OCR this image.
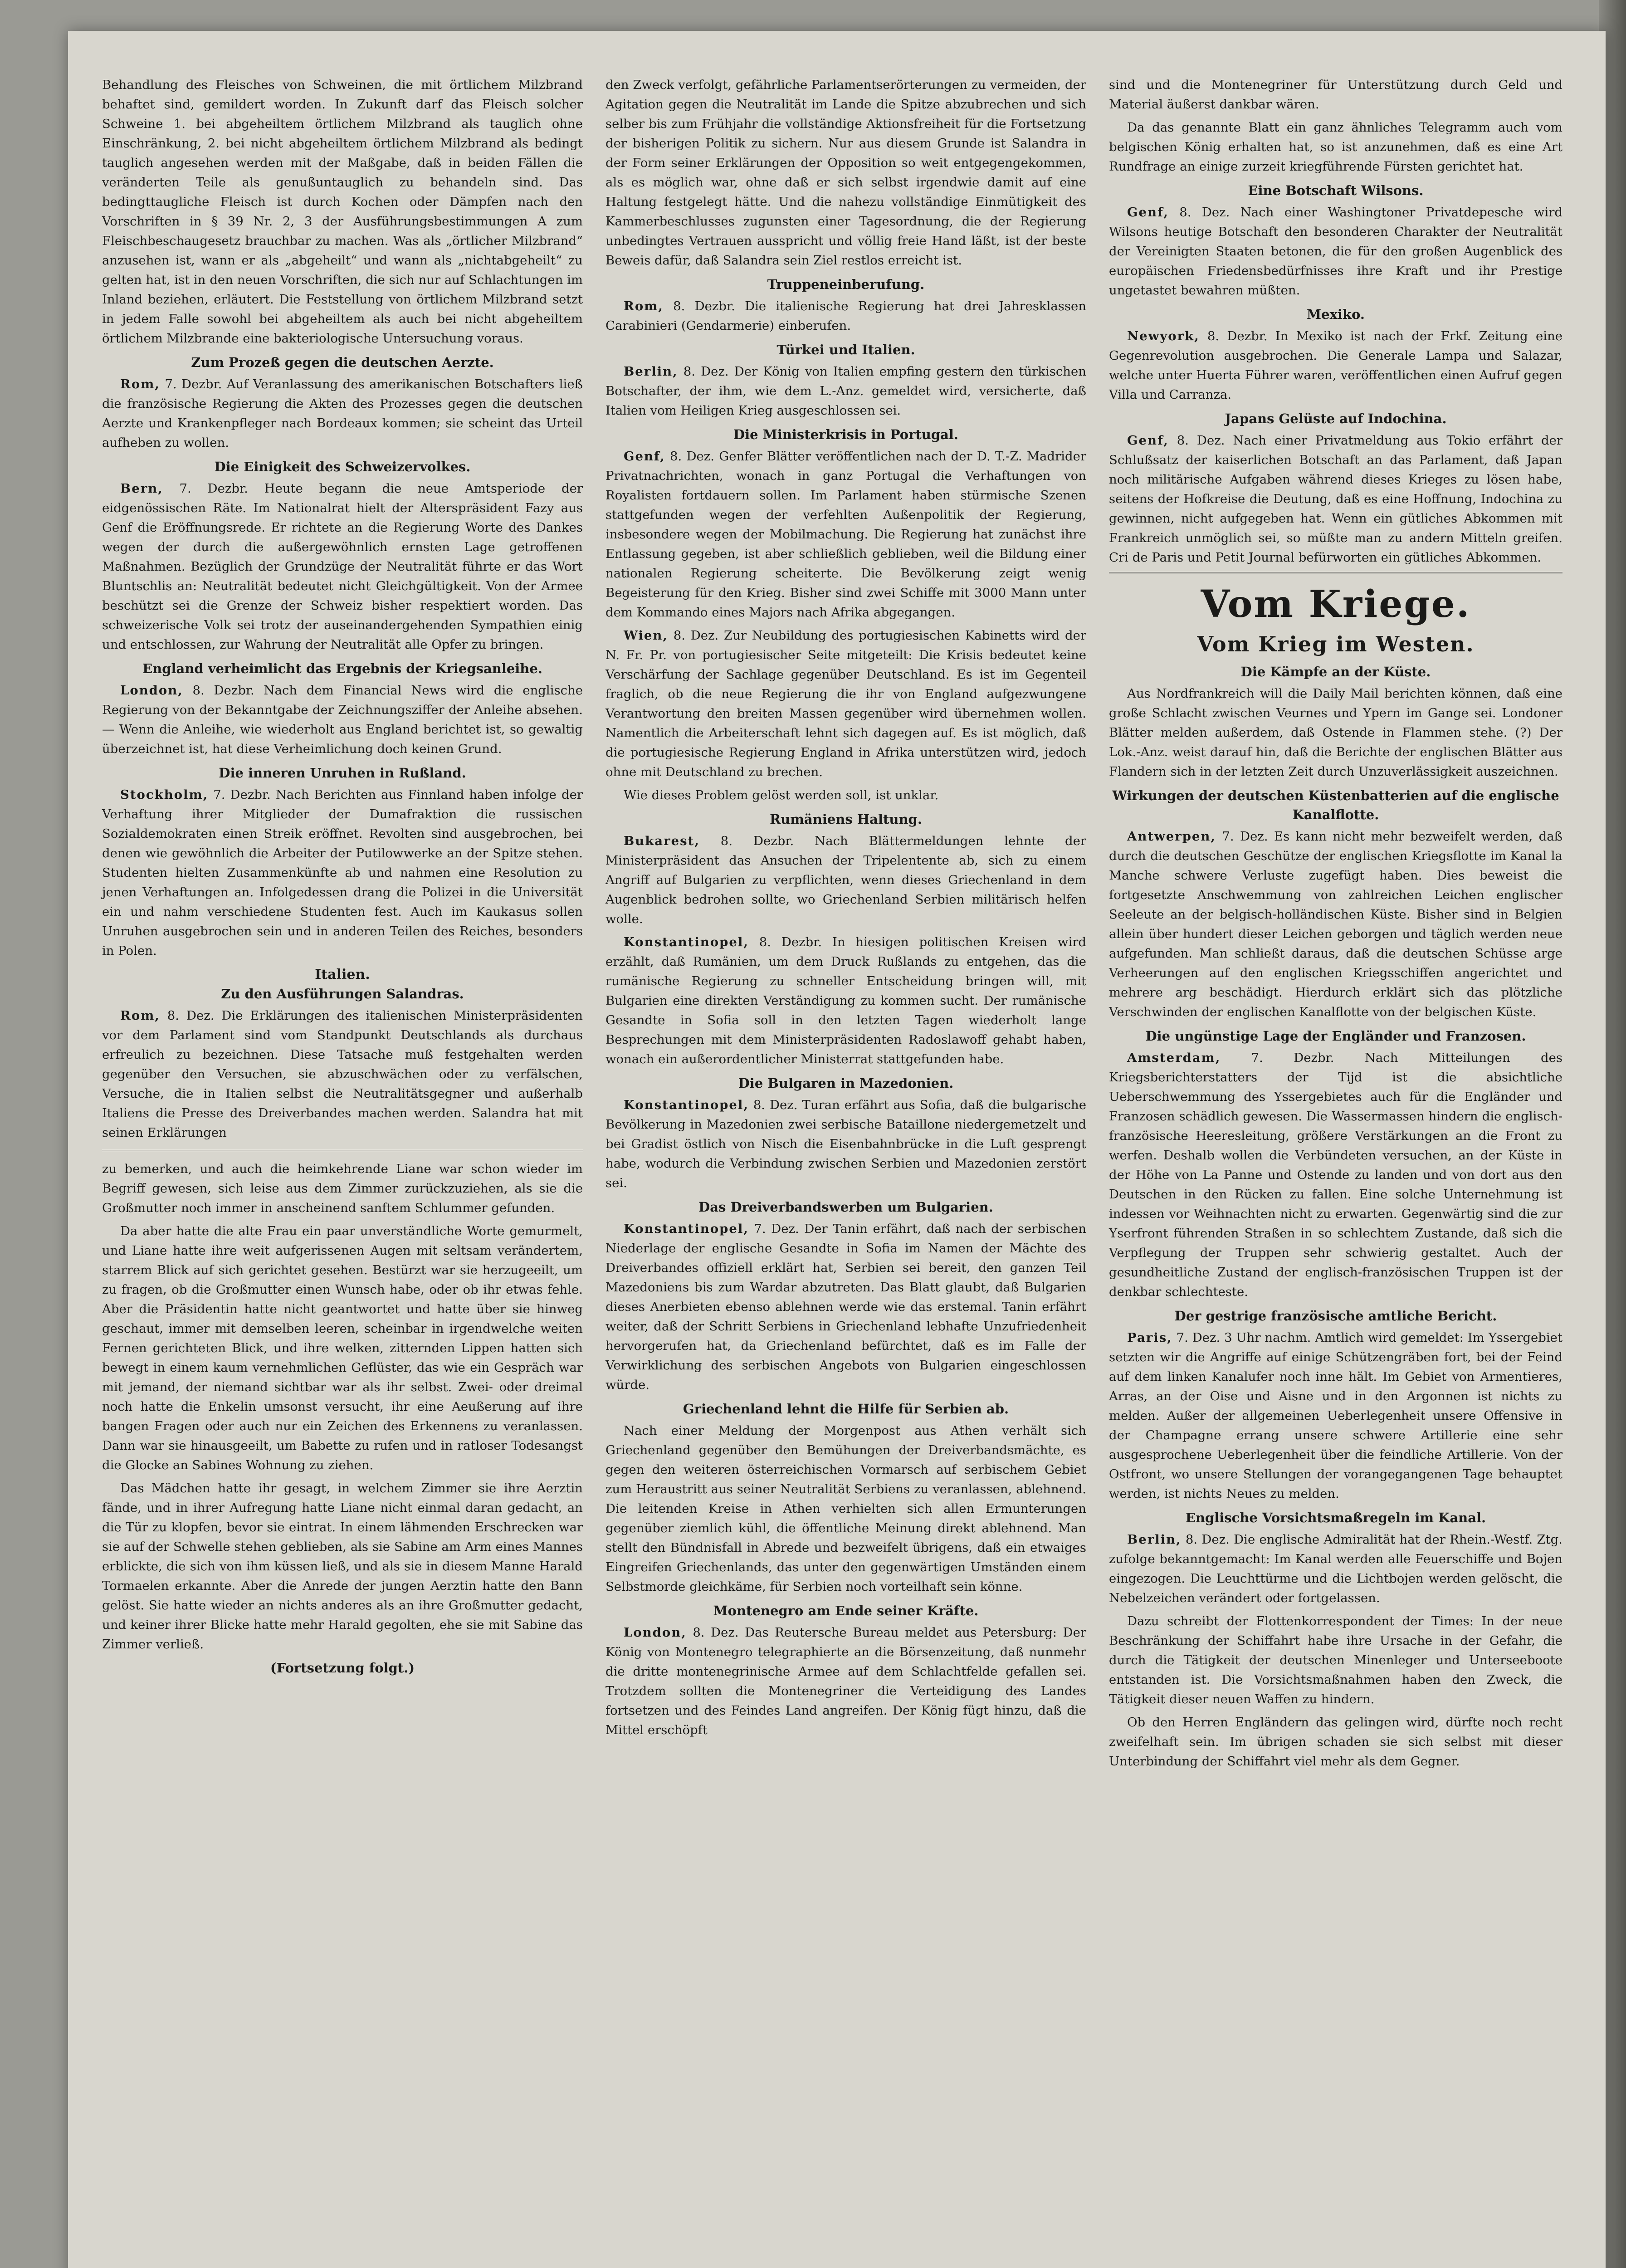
Behandlung des Fleisches von Schweinen, die mit örtlichem Milzbrand behaftet sind, gemildert worden. In Zukunft darf das Fleisch solcher Schweine 1. bei abgeheiltem örtlichem Milzbrand als tauglich ohne Einschränkung, 2. bei nicht abgeheiltem örtlichem Milzbrand als bedingt tauglich angesehen werden mit der Maßgabe, daß in beiden Fällen die veränderten Teile als genußuntauglich zu behandeln sind. Das bedingttaugliche Fleisch ist durch Kochen oder Dämpfen nach den Vorschriften in § 39 Nr. 2, 3 der Ausführungsbestimmungen A zum Fleischbeschaugesetz brauchbar zu machen. Was als „örtlicher Milzbrand“ anzusehen ist, wann er als „abgeheilt“ und wann als „nichtabgeheilt“ zu gelten hat, ist in den neuen Vorschriften, die sich nur auf Schlachtungen im Inland beziehen, erläutert. Die Feststellung von örtlichem Milzbrand setzt in jedem Falle sowohl bei abgeheiltem als auch bei nicht abgeheiltem örtlichem Milzbrande eine bakteriologische Untersuchung voraus.

Zum Prozeß gegen die deutschen Aerzte.

Rom, 7. Dezbr. Auf Veranlassung des amerikanischen Botschafters ließ die französische Regierung die Akten des Prozesses gegen die deutschen Aerzte und Krankenpfleger nach Bordeaux kommen; sie scheint das Urteil aufheben zu wollen.

Die Einigkeit des Schweizervolkes.

Bern, 7. Dezbr. Heute begann die neue Amtsperiode der eidgenössischen Räte. Im Nationalrat hielt der Alterspräsident Fazy aus Genf die Eröffnungsrede. Er richtete an die Regierung Worte des Dankes wegen der durch die außergewöhnlich ernsten Lage getroffenen Maßnahmen. Bezüglich der Grundzüge der Neutralität führte er das Wort Bluntschlis an: Neutralität bedeutet nicht Gleichgültigkeit. Von der Armee beschützt sei die Grenze der Schweiz bisher respektiert worden. Das schweizerische Volk sei trotz der auseinandergehenden Sympathien einig und entschlossen, zur Wahrung der Neutralität alle Opfer zu bringen.

England verheimlicht das Ergebnis der Kriegsanleihe.

London, 8. Dezbr. Nach dem Financial News wird die englische Regierung von der Bekanntgabe der Zeichnungsziffer der Anleihe absehen. — Wenn die Anleihe, wie wiederholt aus England berichtet ist, so gewaltig überzeichnet ist, hat diese Verheimlichung doch keinen Grund.

Die inneren Unruhen in Rußland.

Stockholm, 7. Dezbr. Nach Berichten aus Finnland haben infolge der Verhaftung ihrer Mitglieder der Dumafraktion die russischen Sozialdemokraten einen Streik eröffnet. Revolten sind ausgebrochen, bei denen wie gewöhnlich die Arbeiter der Putilowwerke an der Spitze stehen. Studenten hielten Zusammenkünfte ab und nahmen eine Resolution zu jenen Verhaftungen an. Infolgedessen drang die Polizei in die Universität ein und nahm verschiedene Studenten fest. Auch im Kaukasus sollen Unruhen ausgebrochen sein und in anderen Teilen des Reiches, besonders in Polen.

Italien.
Zu den Ausführungen Salandras.

Rom, 8. Dez. Die Erklärungen des italienischen Ministerpräsidenten vor dem Parlament sind vom Standpunkt Deutschlands als durchaus erfreulich zu bezeichnen. Diese Tatsache muß festgehalten werden gegenüber den Versuchen, sie abzuschwächen oder zu verfälschen, Versuche, die in Italien selbst die Neutralitätsgegner und außerhalb Italiens die Presse des Dreiverbandes machen werden. Salandra hat mit seinen Erklärungen

zu bemerken, und auch die heimkehrende Liane war schon wieder im Begriff gewesen, sich leise aus dem Zimmer zurückzuziehen, als sie die Großmutter noch immer in anscheinend sanftem Schlummer gefunden.

Da aber hatte die alte Frau ein paar unverständliche Worte gemurmelt, und Liane hatte ihre weit aufgerissenen Augen mit seltsam verändertem, starrem Blick auf sich gerichtet gesehen. Bestürzt war sie herzugeeilt, um zu fragen, ob die Großmutter einen Wunsch habe, oder ob ihr etwas fehle. Aber die Präsidentin hatte nicht geantwortet und hatte über sie hinweg geschaut, immer mit demselben leeren, scheinbar in irgendwelche weiten Fernen gerichteten Blick, und ihre welken, zitternden Lippen hatten sich bewegt in einem kaum vernehmlichen Geflüster, das wie ein Gespräch war mit jemand, der niemand sichtbar war als ihr selbst. Zwei- oder dreimal noch hatte die Enkelin umsonst versucht, ihr eine Aeußerung auf ihre bangen Fragen oder auch nur ein Zeichen des Erkennens zu veranlassen. Dann war sie hinausgeeilt, um Babette zu rufen und in ratloser Todesangst die Glocke an Sabines Wohnung zu ziehen.

Das Mädchen hatte ihr gesagt, in welchem Zimmer sie ihre Aerztin fände, und in ihrer Aufregung hatte Liane nicht einmal daran gedacht, an die Tür zu klopfen, bevor sie eintrat. In einem lähmenden Erschrecken war sie auf der Schwelle stehen geblieben, als sie Sabine am Arm eines Mannes erblickte, die sich von ihm küssen ließ, und als sie in diesem Manne Harald Tormaelen erkannte. Aber die Anrede der jungen Aerztin hatte den Bann gelöst. Sie hatte wieder an nichts anderes als an ihre Großmutter gedacht, und keiner ihrer Blicke hatte mehr Harald gegolten, ehe sie mit Sabine das Zimmer verließ.

(Fortsetzung folgt.)

den Zweck verfolgt, gefährliche Parlamentserörterungen zu vermeiden, der Agitation gegen die Neutralität im Lande die Spitze abzubrechen und sich selber bis zum Frühjahr die vollständige Aktionsfreiheit für die Fortsetzung der bisherigen Politik zu sichern. Nur aus diesem Grunde ist Salandra in der Form seiner Erklärungen der Opposition so weit entgegengekommen, als es möglich war, ohne daß er sich selbst irgendwie damit auf eine Haltung festgelegt hätte. Und die nahezu vollständige Einmütigkeit des Kammerbeschlusses zugunsten einer Tagesordnung, die der Regierung unbedingtes Vertrauen ausspricht und völlig freie Hand läßt, ist der beste Beweis dafür, daß Salandra sein Ziel restlos erreicht ist.

Truppeneinberufung.

Rom, 8. Dezbr. Die italienische Regierung hat drei Jahresklassen Carabinieri (Gendarmerie) einberufen.

Türkei und Italien.

Berlin, 8. Dez. Der König von Italien empfing gestern den türkischen Botschafter, der ihm, wie dem L.-Anz. gemeldet wird, versicherte, daß Italien vom Heiligen Krieg ausgeschlossen sei.

Die Ministerkrisis in Portugal.

Genf, 8. Dez. Genfer Blätter veröffentlichen nach der D. T.-Z. Madrider Privatnachrichten, wonach in ganz Portugal die Verhaftungen von Royalisten fortdauern sollen. Im Parlament haben stürmische Szenen stattgefunden wegen der verfehlten Außenpolitik der Regierung, insbesondere wegen der Mobilmachung. Die Regierung hat zunächst ihre Entlassung gegeben, ist aber schließlich geblieben, weil die Bildung einer nationalen Regierung scheiterte. Die Bevölkerung zeigt wenig Begeisterung für den Krieg. Bisher sind zwei Schiffe mit 3000 Mann unter dem Kommando eines Majors nach Afrika abgegangen.

Wien, 8. Dez. Zur Neubildung des portugiesischen Kabinetts wird der N. Fr. Pr. von portugiesischer Seite mitgeteilt: Die Krisis bedeutet keine Verschärfung der Sachlage gegenüber Deutschland. Es ist im Gegenteil fraglich, ob die neue Regierung die ihr von England aufgezwungene Verantwortung den breiten Massen gegenüber wird übernehmen wollen. Namentlich die Arbeiterschaft lehnt sich dagegen auf. Es ist möglich, daß die portugiesische Regierung England in Afrika unterstützen wird, jedoch ohne mit Deutschland zu brechen.

Wie dieses Problem gelöst werden soll, ist unklar.

Rumäniens Haltung.

Bukarest, 8. Dezbr. Nach Blättermeldungen lehnte der Ministerpräsident das Ansuchen der Tripelentente ab, sich zu einem Angriff auf Bulgarien zu verpflichten, wenn dieses Griechenland in dem Augenblick bedrohen sollte, wo Griechenland Serbien militärisch helfen wolle.

Konstantinopel, 8. Dezbr. In hiesigen politischen Kreisen wird erzählt, daß Rumänien, um dem Druck Rußlands zu entgehen, das die rumänische Regierung zu schneller Entscheidung bringen will, mit Bulgarien eine direkten Verständigung zu kommen sucht. Der rumänische Gesandte in Sofia soll in den letzten Tagen wiederholt lange Besprechungen mit dem Ministerpräsidenten Radoslawoff gehabt haben, wonach ein außerordentlicher Ministerrat stattgefunden habe.

Die Bulgaren in Mazedonien.

Konstantinopel, 8. Dez. Turan erfährt aus Sofia, daß die bulgarische Bevölkerung in Mazedonien zwei serbische Bataillone niedergemetzelt und bei Gradist östlich von Nisch die Eisenbahnbrücke in die Luft gesprengt habe, wodurch die Verbindung zwischen Serbien und Mazedonien zerstört sei.

Das Dreiverbandswerben um Bulgarien.

Konstantinopel, 7. Dez. Der Tanin erfährt, daß nach der serbischen Niederlage der englische Gesandte in Sofia im Namen der Mächte des Dreiverbandes offiziell erklärt hat, Serbien sei bereit, den ganzen Teil Mazedoniens bis zum Wardar abzutreten. Das Blatt glaubt, daß Bulgarien dieses Anerbieten ebenso ablehnen werde wie das erstemal. Tanin erfährt weiter, daß der Schritt Serbiens in Griechenland lebhafte Unzufriedenheit hervorgerufen hat, da Griechenland befürchtet, daß es im Falle der Verwirklichung des serbischen Angebots von Bulgarien eingeschlossen würde.

Griechenland lehnt die Hilfe für Serbien ab.

Nach einer Meldung der Morgenpost aus Athen verhält sich Griechenland gegenüber den Bemühungen der Dreiverbandsmächte, es gegen den weiteren österreichischen Vormarsch auf serbischem Gebiet zum Heraustritt aus seiner Neutralität Serbiens zu veranlassen, ablehnend. Die leitenden Kreise in Athen verhielten sich allen Ermunterungen gegenüber ziemlich kühl, die öffentliche Meinung direkt ablehnend. Man stellt den Bündnisfall in Abrede und bezweifelt übrigens, daß ein etwaiges Eingreifen Griechenlands, das unter den gegenwärtigen Umständen einem Selbstmorde gleichkäme, für Serbien noch vorteilhaft sein könne.

Montenegro am Ende seiner Kräfte.

London, 8. Dez. Das Reutersche Bureau meldet aus Petersburg: Der König von Montenegro telegraphierte an die Börsenzeitung, daß nunmehr die dritte montenegrinische Armee auf dem Schlachtfelde gefallen sei. Trotzdem sollten die Montenegriner die Verteidigung des Landes fortsetzen und des Feindes Land angreifen. Der König fügt hinzu, daß die Mittel erschöpft

sind und die Montenegriner für Unterstützung durch Geld und Material äußerst dankbar wären.

Da das genannte Blatt ein ganz ähnliches Telegramm auch vom belgischen König erhalten hat, so ist anzunehmen, daß es eine Art Rundfrage an einige zurzeit kriegführende Fürsten gerichtet hat.

Eine Botschaft Wilsons.

Genf, 8. Dez. Nach einer Washingtoner Privatdepesche wird Wilsons heutige Botschaft den besonderen Charakter der Neutralität der Vereinigten Staaten betonen, die für den großen Augenblick des europäischen Friedensbedürfnisses ihre Kraft und ihr Prestige ungetastet bewahren müßten.

Mexiko.

Newyork, 8. Dezbr. In Mexiko ist nach der Frkf. Zeitung eine Gegenrevolution ausgebrochen. Die Generale Lampa und Salazar, welche unter Huerta Führer waren, veröffentlichen einen Aufruf gegen Villa und Carranza.

Japans Gelüste auf Indochina.

Genf, 8. Dez. Nach einer Privatmeldung aus Tokio erfährt der Schlußsatz der kaiserlichen Botschaft an das Parlament, daß Japan noch militärische Aufgaben während dieses Krieges zu lösen habe, seitens der Hofkreise die Deutung, daß es eine Hoffnung, Indochina zu gewinnen, nicht aufgegeben hat. Wenn ein gütliches Abkommen mit Frankreich unmöglich sei, so müßte man zu andern Mitteln greifen. Cri de Paris und Petit Journal befürworten ein gütliches Abkommen.

Vom Kriege.
Vom Krieg im Westen.
Die Kämpfe an der Küste.

Aus Nordfrankreich will die Daily Mail berichten können, daß eine große Schlacht zwischen Veurnes und Ypern im Gange sei. Londoner Blätter melden außerdem, daß Ostende in Flammen stehe. (?) Der Lok.-Anz. weist darauf hin, daß die Berichte der englischen Blätter aus Flandern sich in der letzten Zeit durch Unzuverlässigkeit auszeichnen.

Wirkungen der deutschen Küstenbatterien auf die englische Kanalflotte.

Antwerpen, 7. Dez. Es kann nicht mehr bezweifelt werden, daß durch die deutschen Geschütze der englischen Kriegsflotte im Kanal la Manche schwere Verluste zugefügt haben. Dies beweist die fortgesetzte Anschwemmung von zahlreichen Leichen englischer Seeleute an der belgisch-holländischen Küste. Bisher sind in Belgien allein über hundert dieser Leichen geborgen und täglich werden neue aufgefunden. Man schließt daraus, daß die deutschen Schüsse arge Verheerungen auf den englischen Kriegsschiffen angerichtet und mehrere arg beschädigt. Hierdurch erklärt sich das plötzliche Verschwinden der englischen Kanalflotte von der belgischen Küste.

Die ungünstige Lage der Engländer und Franzosen.

Amsterdam, 7. Dezbr. Nach Mitteilungen des Kriegsberichterstatters der Tijd ist die absichtliche Ueberschwemmung des Yssergebietes auch für die Engländer und Franzosen schädlich gewesen. Die Wassermassen hindern die englisch-französische Heeresleitung, größere Verstärkungen an die Front zu werfen. Deshalb wollen die Verbündeten versuchen, an der Küste in der Höhe von La Panne und Ostende zu landen und von dort aus den Deutschen in den Rücken zu fallen. Eine solche Unternehmung ist indessen vor Weihnachten nicht zu erwarten. Gegenwärtig sind die zur Yserfront führenden Straßen in so schlechtem Zustande, daß sich die Verpflegung der Truppen sehr schwierig gestaltet. Auch der gesundheitliche Zustand der englisch-französischen Truppen ist der denkbar schlechteste.

Der gestrige französische amtliche Bericht.

Paris, 7. Dez. 3 Uhr nachm. Amtlich wird gemeldet: Im Yssergebiet setzten wir die Angriffe auf einige Schützengräben fort, bei der Feind auf dem linken Kanalufer noch inne hält. Im Gebiet von Armentieres, Arras, an der Oise und Aisne und in den Argonnen ist nichts zu melden. Außer der allgemeinen Ueberlegenheit unsere Offensive in der Champagne errang unsere schwere Artillerie eine sehr ausgesprochene Ueberlegenheit über die feindliche Artillerie. Von der Ostfront, wo unsere Stellungen der vorangegangenen Tage behauptet werden, ist nichts Neues zu melden.

Englische Vorsichtsmaßregeln im Kanal.

Berlin, 8. Dez. Die englische Admiralität hat der Rhein.-Westf. Ztg. zufolge bekanntgemacht: Im Kanal werden alle Feuerschiffe und Bojen eingezogen. Die Leuchttürme und die Lichtbojen werden gelöscht, die Nebelzeichen verändert oder fortgelassen.

Dazu schreibt der Flottenkorrespondent der Times: In der neue Beschränkung der Schiffahrt habe ihre Ursache in der Gefahr, die durch die Tätigkeit der deutschen Minenleger und Unterseeboote entstanden ist. Die Vorsichtsmaßnahmen haben den Zweck, die Tätigkeit dieser neuen Waffen zu hindern.

Ob den Herren Engländern das gelingen wird, dürfte noch recht zweifelhaft sein. Im übrigen schaden sie sich selbst mit dieser Unterbindung der Schiffahrt viel mehr als dem Gegner.
